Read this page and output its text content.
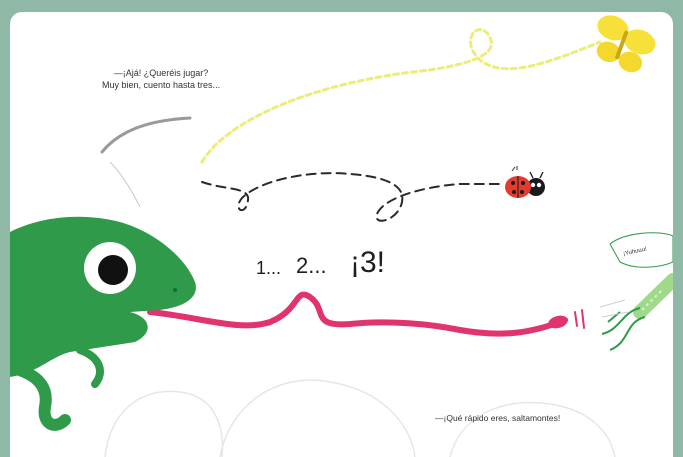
—¡Ajá! ¿Queréis jugar?
Muy bien, cuento hasta tres...
1... 2... ¡3!	¡Yuhuuu!
—¡Qué rápido eres, saltamontes!
